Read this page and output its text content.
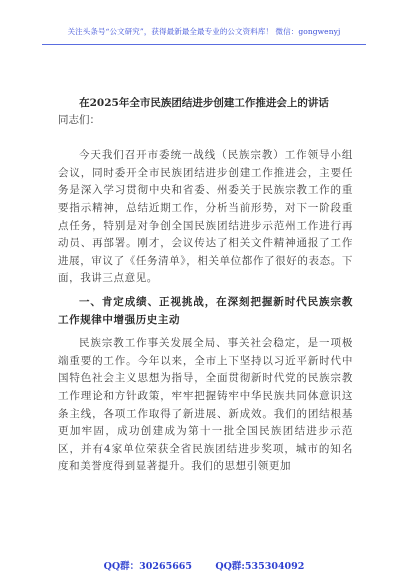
关注头条号“公文研究”，获得最新最全最专业的公文资料库！ 微信：gongwenyj
在2025年全市民族团结进步创建工作推进会上的讲话

同志们：

今天我们召开市委统一战线（民族宗教）工作领导小组会议，同时委开全市民族团结进步创建工作推进会，主要任务是深入学习贯彻中央和省委、州委关于民族宗教工作的重要指示精神，总结近期工作，分析当前形势，对下一阶段重点任务，特别是对争创全国民族团结进步示范州工作进行再动员、再部署。刚才，会议传达了相关文件精神通报了工作进展，审议了《任务清单》，相关单位都作了很好的表态。下面，我讲三点意见。

一、肯定成绩、正视挑战，在深刻把握新时代民族宗教工作规律中增强历史主动

民族宗教工作事关发展全局、事关社会稳定，是一项极端重要的工作。今年以来，全市上下坚持以习近平新时代中国特色社会主义思想为指导，全面贯彻新时代党的民族宗教工作理论和方针政策，牢牢把握铸牢中华民族共同体意识这条主线，各项工作取得了新进展、新成效。我们的团结根基更加牢固，成功创建成为第十一批全国民族团结进步示范区，并有4家单位荣获全省民族团结进步奖项，城市的知名度和美誉度得到显著提升。我们的思想引领更加

QQ群：30265665 QQ群:535304092
